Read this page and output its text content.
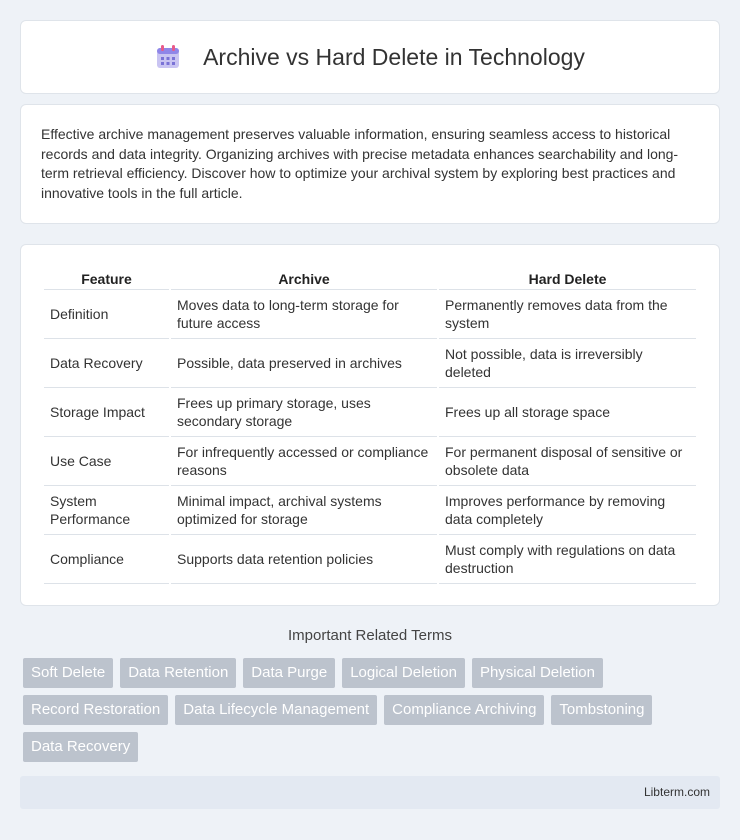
Archive vs Hard Delete in Technology

Effective archive management preserves valuable information, ensuring seamless access to historical records and data integrity. Organizing archives with precise metadata enhances searchability and long-term retrieval efficiency. Discover how to optimize your archival system by exploring best practices and innovative tools in the full article.

Feature	Archive	Hard Delete
Definition	Moves data to long-term storage for future access	Permanently removes data from the system
Data Recovery	Possible, data preserved in archives	Not possible, data is irreversibly deleted
Storage Impact	Frees up primary storage, uses secondary storage	Frees up all storage space
Use Case	For infrequently accessed or compliance reasons	For permanent disposal of sensitive or obsolete data
System Performance	Minimal impact, archival systems optimized for storage	Improves performance by removing data completely
Compliance	Supports data retention policies	Must comply with regulations on data destruction
Important Related Terms
Soft Delete	Data Retention	Data Purge	Logical Deletion	Physical Deletion
Record Restoration	Data Lifecycle Management	Compliance Archiving	Tombstoning
Data Recovery
Libterm.com
